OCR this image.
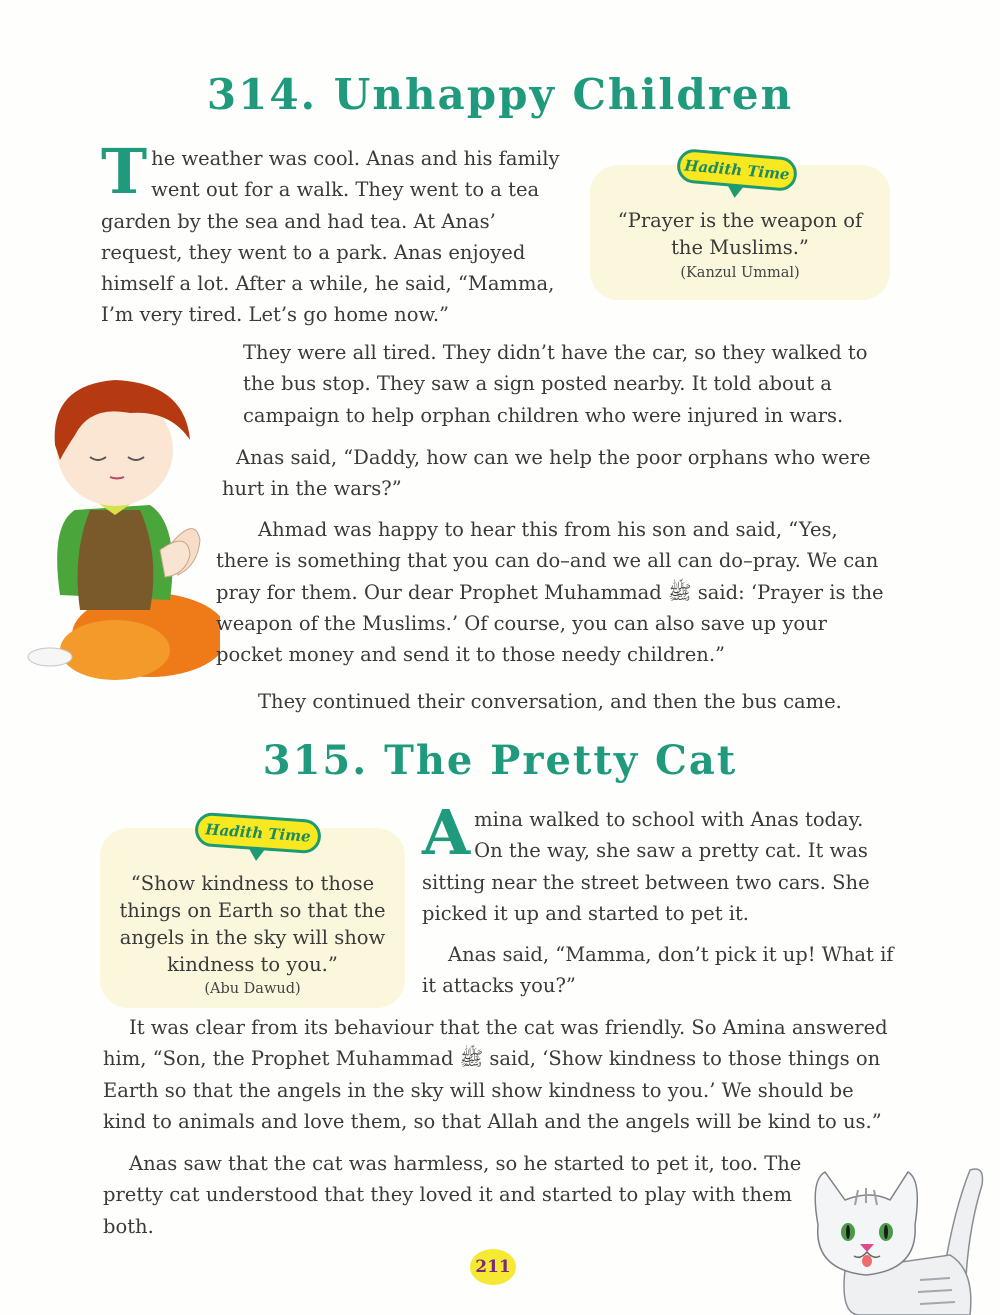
314. Unhappy Children

The weather was cool. Anas and his family went out for a walk. They went to a tea garden by the sea and had tea. At Anas’ request, they went to a park. Anas enjoyed himself a lot. After a while, he said, “Mamma, I’m very tired. Let’s go home now.”

Hadith Time
“Prayer is the weapon of the Muslims.”
(Kanzul Ummal)

They were all tired. They didn’t have the car, so they walked to the bus stop. They saw a sign posted nearby. It told about a campaign to help orphan children who were injured in wars.

Anas said, “Daddy, how can we help the poor orphans who were hurt in the wars?”

Ahmad was happy to hear this from his son and said, “Yes, there is something that you can do–and we all can do–pray. We can pray for them. Our dear Prophet Muhammad ﷺ said: ‘Prayer is the weapon of the Muslims.’ Of course, you can also save up your pocket money and send it to those needy children.”

They continued their conversation, and then the bus came.

315. The Pretty Cat
Hadith Time
“Show kindness to those things on Earth so that the angels in the sky will show kindness to you.”
(Abu Dawud)

Amina walked to school with Anas today. On the way, she saw a pretty cat. It was sitting near the street between two cars. She picked it up and started to pet it.

Anas said, “Mamma, don’t pick it up! What if it attacks you?”

It was clear from its behaviour that the cat was friendly. So Amina answered him, “Son, the Prophet Muhammad ﷺ said, ‘Show kindness to those things on Earth so that the angels in the sky will show kindness to you.’ We should be kind to animals and love them, so that Allah and the angels will be kind to us.”

Anas saw that the cat was harmless, so he started to pet it, too. The pretty cat understood that they loved it and started to play with them both.

211
